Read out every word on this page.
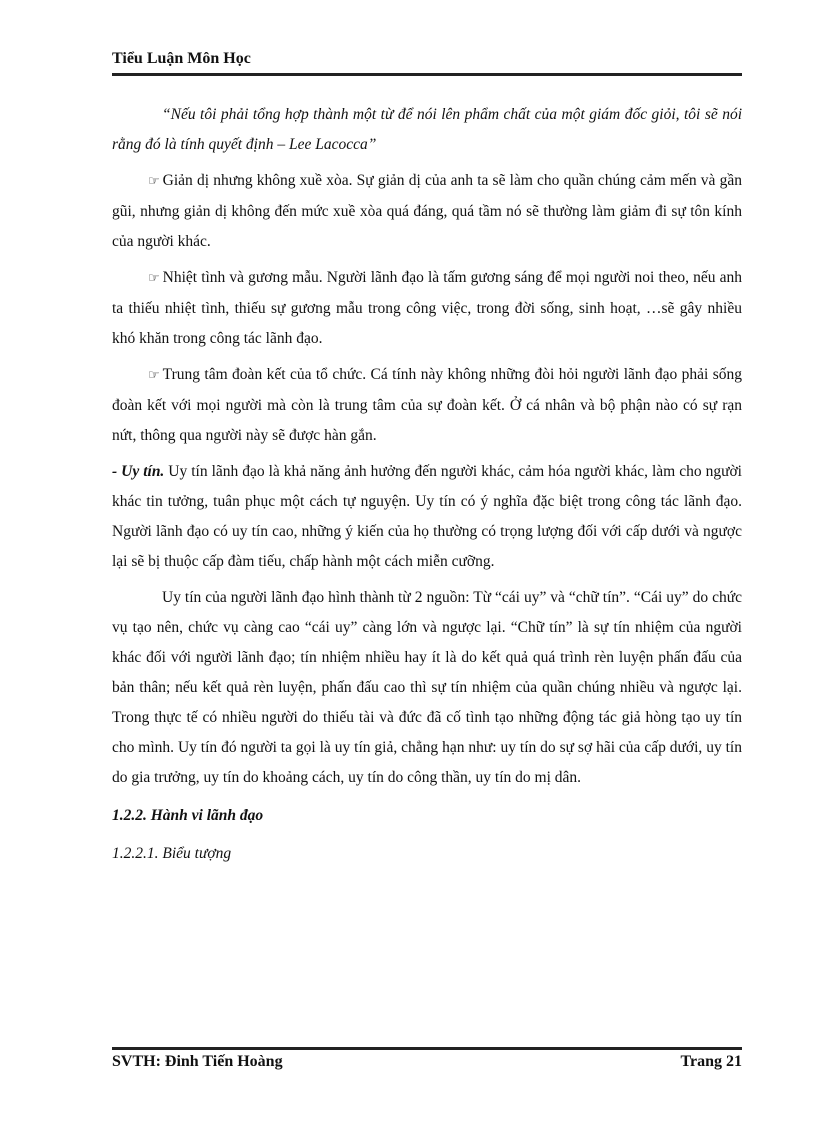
Tiểu Luận Môn Học

“Nếu tôi phải tổng hợp thành một từ để nói lên phẩm chất của một giám đốc giỏi, tôi sẽ nói rằng đó là tính quyết định – Lee Lacocca”

☞ Giản dị nhưng không xuề xòa. Sự giản dị của anh ta sẽ làm cho quần chúng cảm mến và gần gũi, nhưng giản dị không đến mức xuề xòa quá đáng, quá tầm nó sẽ thường làm giảm đi sự tôn kính của người khác.

☞ Nhiệt tình và gương mẫu. Người lãnh đạo là tấm gương sáng để mọi người noi theo, nếu anh ta thiếu nhiệt tình, thiếu sự gương mẫu trong công việc, trong đời sống, sinh hoạt, …sẽ gây nhiều khó khăn trong công tác lãnh đạo.

☞ Trung tâm đoàn kết của tổ chức. Cá tính này không những đòi hỏi người lãnh đạo phải sống đoàn kết với mọi người mà còn là trung tâm của sự đoàn kết. Ở cá nhân và bộ phận nào có sự rạn nứt, thông qua người này sẽ được hàn gắn.

- Uy tín. Uy tín lãnh đạo là khả năng ảnh hưởng đến người khác, cảm hóa người khác, làm cho người khác tin tưởng, tuân phục một cách tự nguyện. Uy tín có ý nghĩa đặc biệt trong công tác lãnh đạo. Người lãnh đạo có uy tín cao, những ý kiến của họ thường có trọng lượng đối với cấp dưới và ngược lại sẽ bị thuộc cấp đàm tiếu, chấp hành một cách miễn cưỡng.

Uy tín của người lãnh đạo hình thành từ 2 nguồn: Từ “cái uy” và “chữ tín”. “Cái uy” do chức vụ tạo nên, chức vụ càng cao “cái uy” càng lớn và ngược lại. “Chữ tín” là sự tín nhiệm của người khác đối với người lãnh đạo; tín nhiệm nhiều hay ít là do kết quả quá trình rèn luyện phấn đấu của bản thân; nếu kết quả rèn luyện, phấn đấu cao thì sự tín nhiệm của quần chúng nhiều và ngược lại. Trong thực tế có nhiều người do thiếu tài và đức đã cố tình tạo những động tác giả hòng tạo uy tín cho mình. Uy tín đó người ta gọi là uy tín giả, chẳng hạn như: uy tín do sự sợ hãi của cấp dưới, uy tín do gia trưởng, uy tín do khoảng cách, uy tín do công thần, uy tín do mị dân.

1.2.2. Hành vi lãnh đạo

1.2.2.1. Biểu tượng

SVTH: Đinh Tiến Hoàng	Trang 21
